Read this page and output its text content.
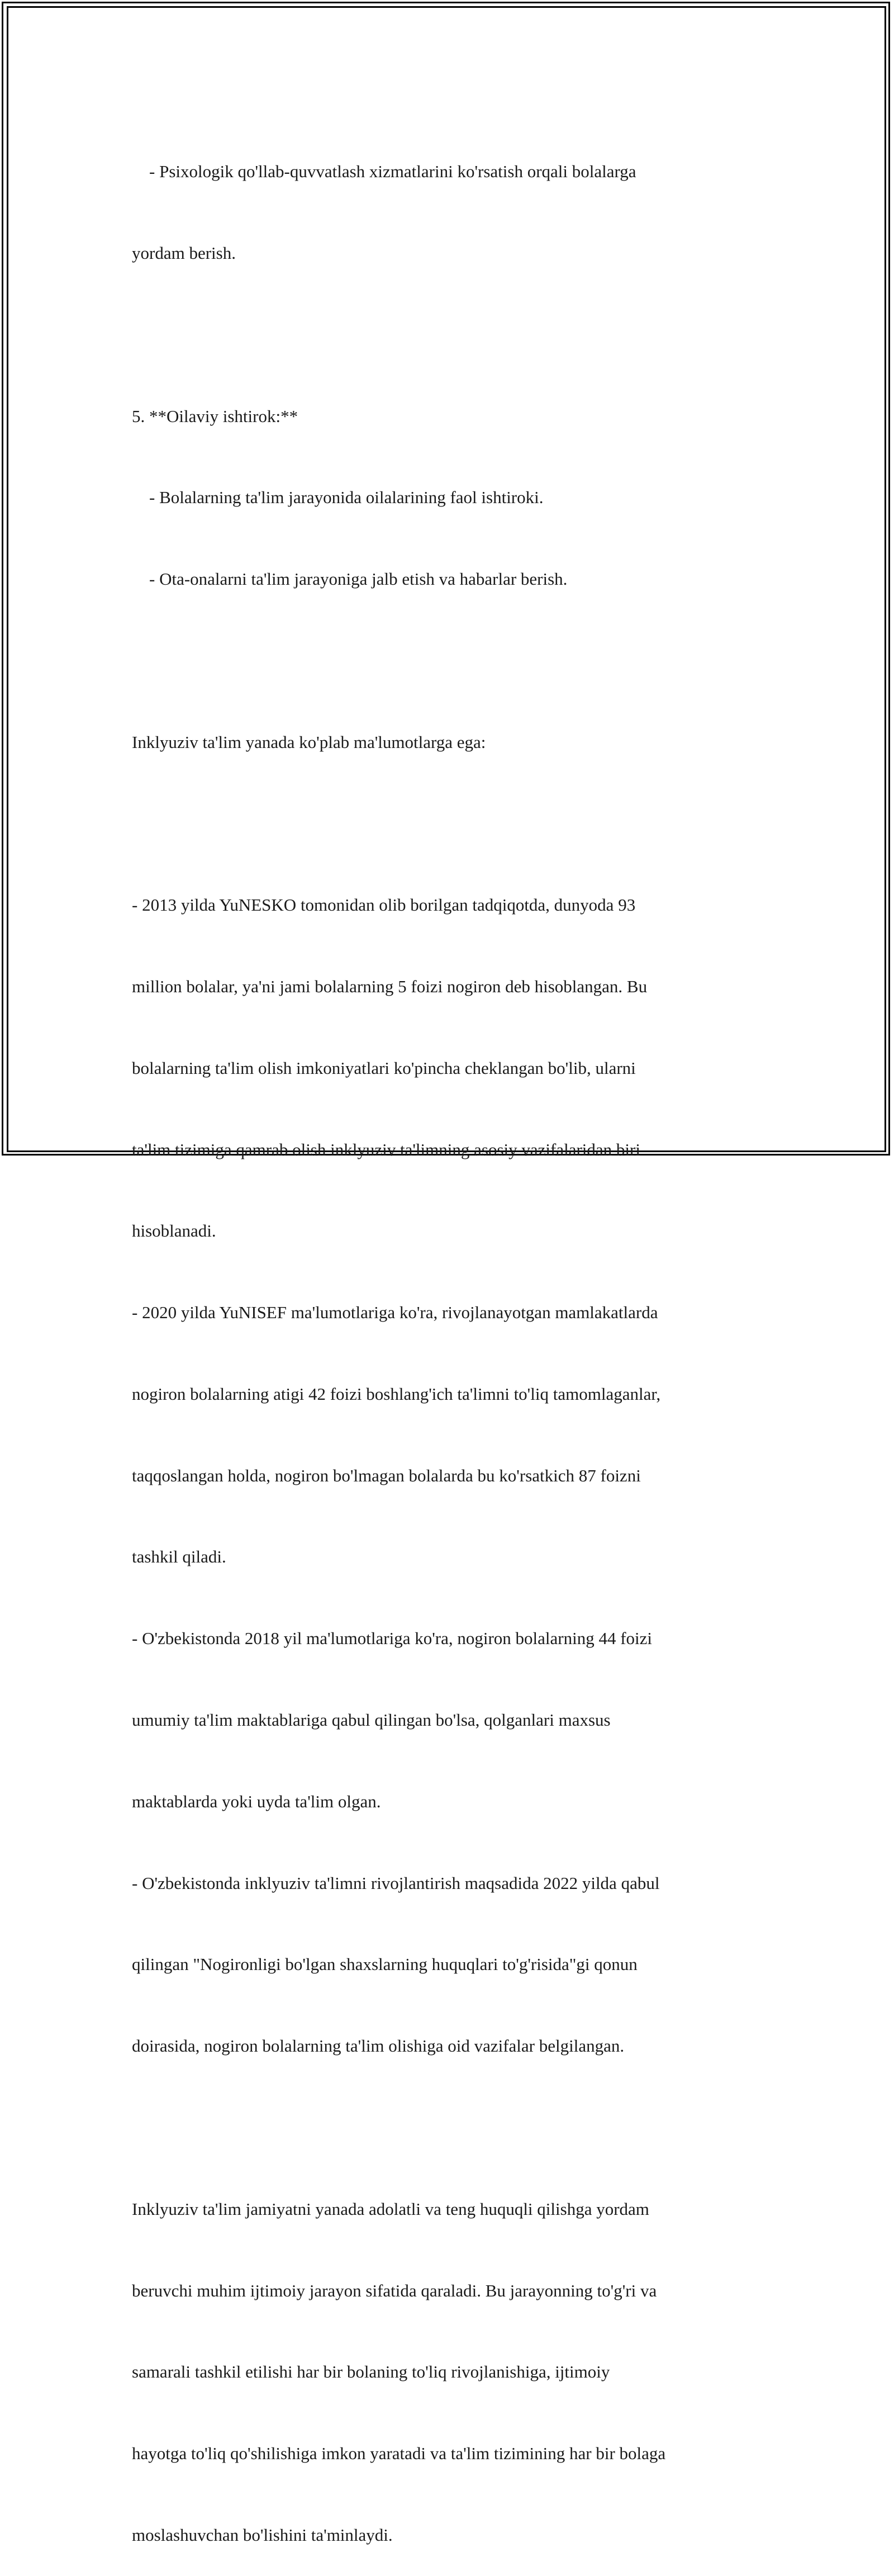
- Psixologik qo'llab-quvvatlash xizmatlarini ko'rsatish orqali bolalarga

yordam berish.

5. **Oilaviy ishtirok:**

- Bolalarning ta'lim jarayonida oilalarining faol ishtiroki.

- Ota-onalarni ta'lim jarayoniga jalb etish va habarlar berish.

Inklyuziv ta'lim yanada ko'plab ma'lumotlarga ega:

- 2013 yilda YuNESKO tomonidan olib borilgan tadqiqotda, dunyoda 93

million bolalar, ya'ni jami bolalarning 5 foizi nogiron deb hisoblangan. Bu

bolalarning ta'lim olish imkoniyatlari ko'pincha cheklangan bo'lib, ularni

ta'lim tizimiga qamrab olish inklyuziv ta'limning asosiy vazifalaridan biri

hisoblanadi.

- 2020 yilda YuNISEF ma'lumotlariga ko'ra, rivojlanayotgan mamlakatlarda

nogiron bolalarning atigi 42 foizi boshlang'ich ta'limni to'liq tamomlaganlar,

taqqoslangan holda, nogiron bo'lmagan bolalarda bu ko'rsatkich 87 foizni

tashkil qiladi.

- O'zbekistonda 2018 yil ma'lumotlariga ko'ra, nogiron bolalarning 44 foizi

umumiy ta'lim maktablariga qabul qilingan bo'lsa, qolganlari maxsus

maktablarda yoki uyda ta'lim olgan.

- O'zbekistonda inklyuziv ta'limni rivojlantirish maqsadida 2022 yilda qabul

qilingan "Nogironligi bo'lgan shaxslarning huquqlari to'g'risida"gi qonun

doirasida, nogiron bolalarning ta'lim olishiga oid vazifalar belgilangan.

Inklyuziv ta'lim jamiyatni yanada adolatli va teng huquqli qilishga yordam

beruvchi muhim ijtimoiy jarayon sifatida qaraladi. Bu jarayonning to'g'ri va

samarali tashkil etilishi har bir bolaning to'liq rivojlanishiga, ijtimoiy

hayotga to'liq qo'shilishiga imkon yaratadi va ta'lim tizimining har bir bolaga

moslashuvchan bo'lishini ta'minlaydi.
